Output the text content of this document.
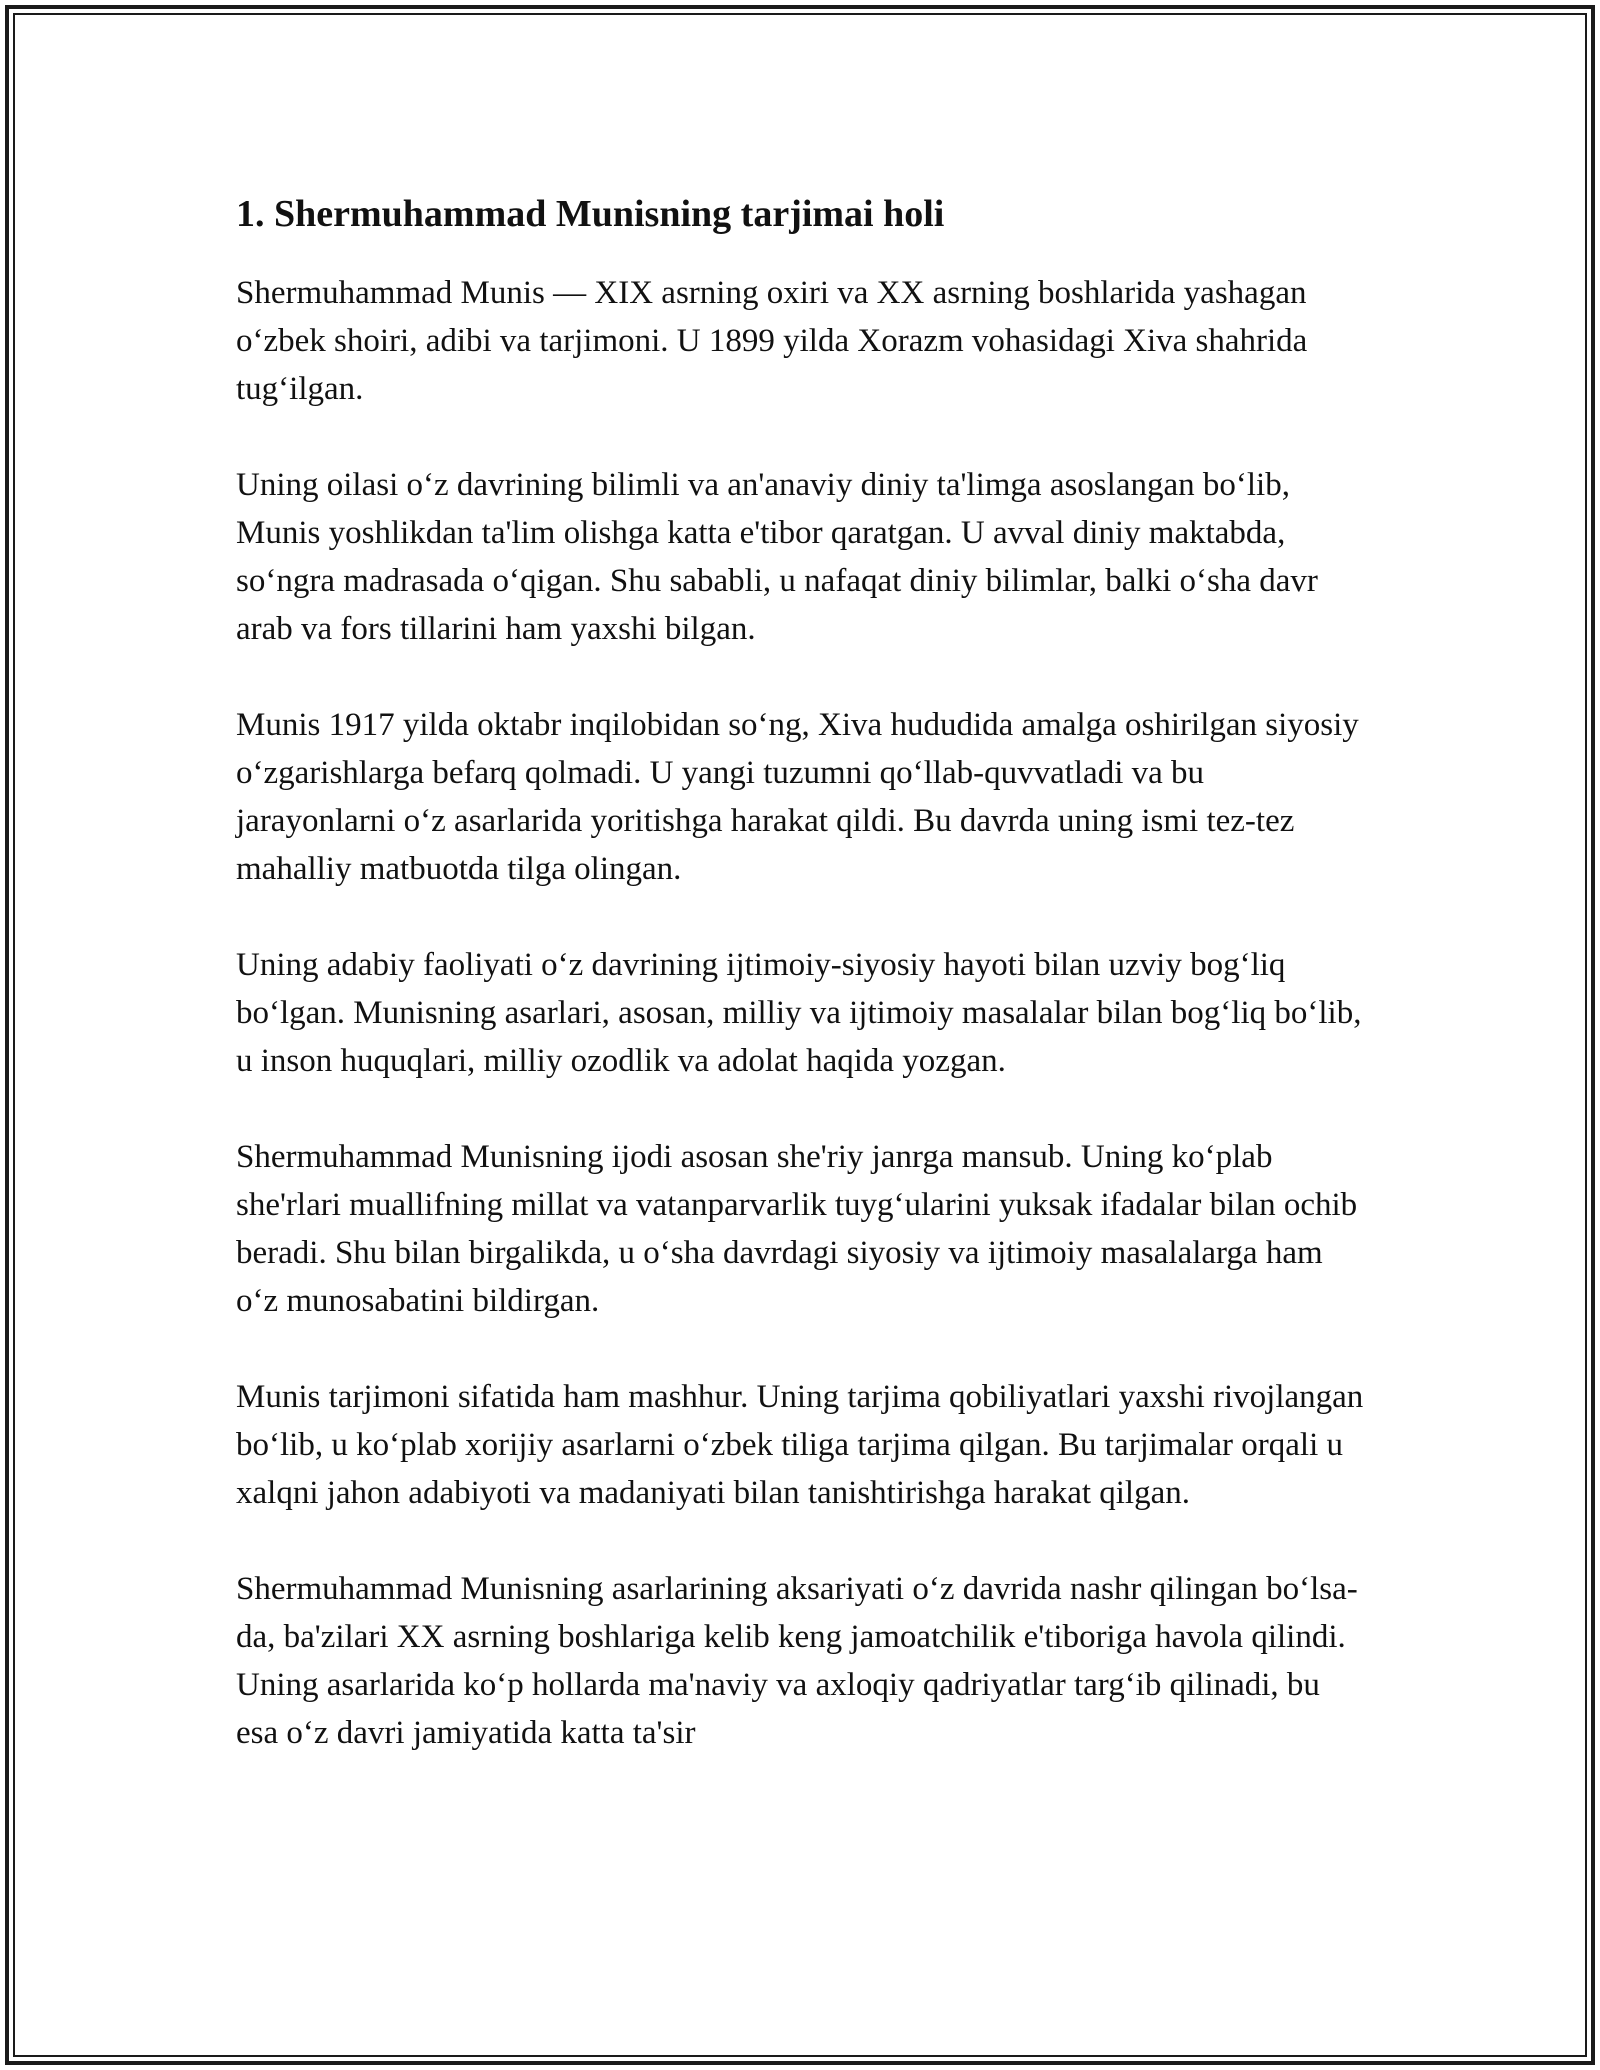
1. Shermuhammad Munisning tarjimai holi

Shermuhammad Munis — XIX asrning oxiri va XX asrning boshlarida yashagan o‘zbek shoiri, adibi va tarjimoni. U 1899 yilda Xorazm vohasidagi Xiva shahrida tug‘ilgan.

Uning oilasi o‘z davrining bilimli va an'anaviy diniy ta'limga asoslangan bo‘lib, Munis yoshlikdan ta'lim olishga katta e'tibor qaratgan. U avval diniy maktabda, so‘ngra madrasada o‘qigan. Shu sababli, u nafaqat diniy bilimlar, balki o‘sha davr arab va fors tillarini ham yaxshi bilgan.

Munis 1917 yilda oktabr inqilobidan so‘ng, Xiva hududida amalga oshirilgan siyosiy o‘zgarishlarga befarq qolmadi. U yangi tuzumni qo‘llab-quvvatladi va bu jarayonlarni o‘z asarlarida yoritishga harakat qildi. Bu davrda uning ismi tez-tez mahalliy matbuotda tilga olingan.

Uning adabiy faoliyati o‘z davrining ijtimoiy-siyosiy hayoti bilan uzviy bog‘liq bo‘lgan. Munisning asarlari, asosan, milliy va ijtimoiy masalalar bilan bog‘liq bo‘lib, u inson huquqlari, milliy ozodlik va adolat haqida yozgan.

Shermuhammad Munisning ijodi asosan she'riy janrga mansub. Uning ko‘plab she'rlari muallifning millat va vatanparvarlik tuyg‘ularini yuksak ifadalar bilan ochib beradi. Shu bilan birgalikda, u o‘sha davrdagi siyosiy va ijtimoiy masalalarga ham o‘z munosabatini bildirgan.

Munis tarjimoni sifatida ham mashhur. Uning tarjima qobiliyatlari yaxshi rivojlangan bo‘lib, u ko‘plab xorijiy asarlarni o‘zbek tiliga tarjima qilgan. Bu tarjimalar orqali u xalqni jahon adabiyoti va madaniyati bilan tanishtirishga harakat qilgan.

Shermuhammad Munisning asarlarining aksariyati o‘z davrida nashr qilingan bo‘lsa-da, ba'zilari XX asrning boshlariga kelib keng jamoatchilik e'tiboriga havola qilindi. Uning asarlarida ko‘p hollarda ma'naviy va axloqiy qadriyatlar targ‘ib qilinadi, bu esa o‘z davri jamiyatida katta ta'sir
